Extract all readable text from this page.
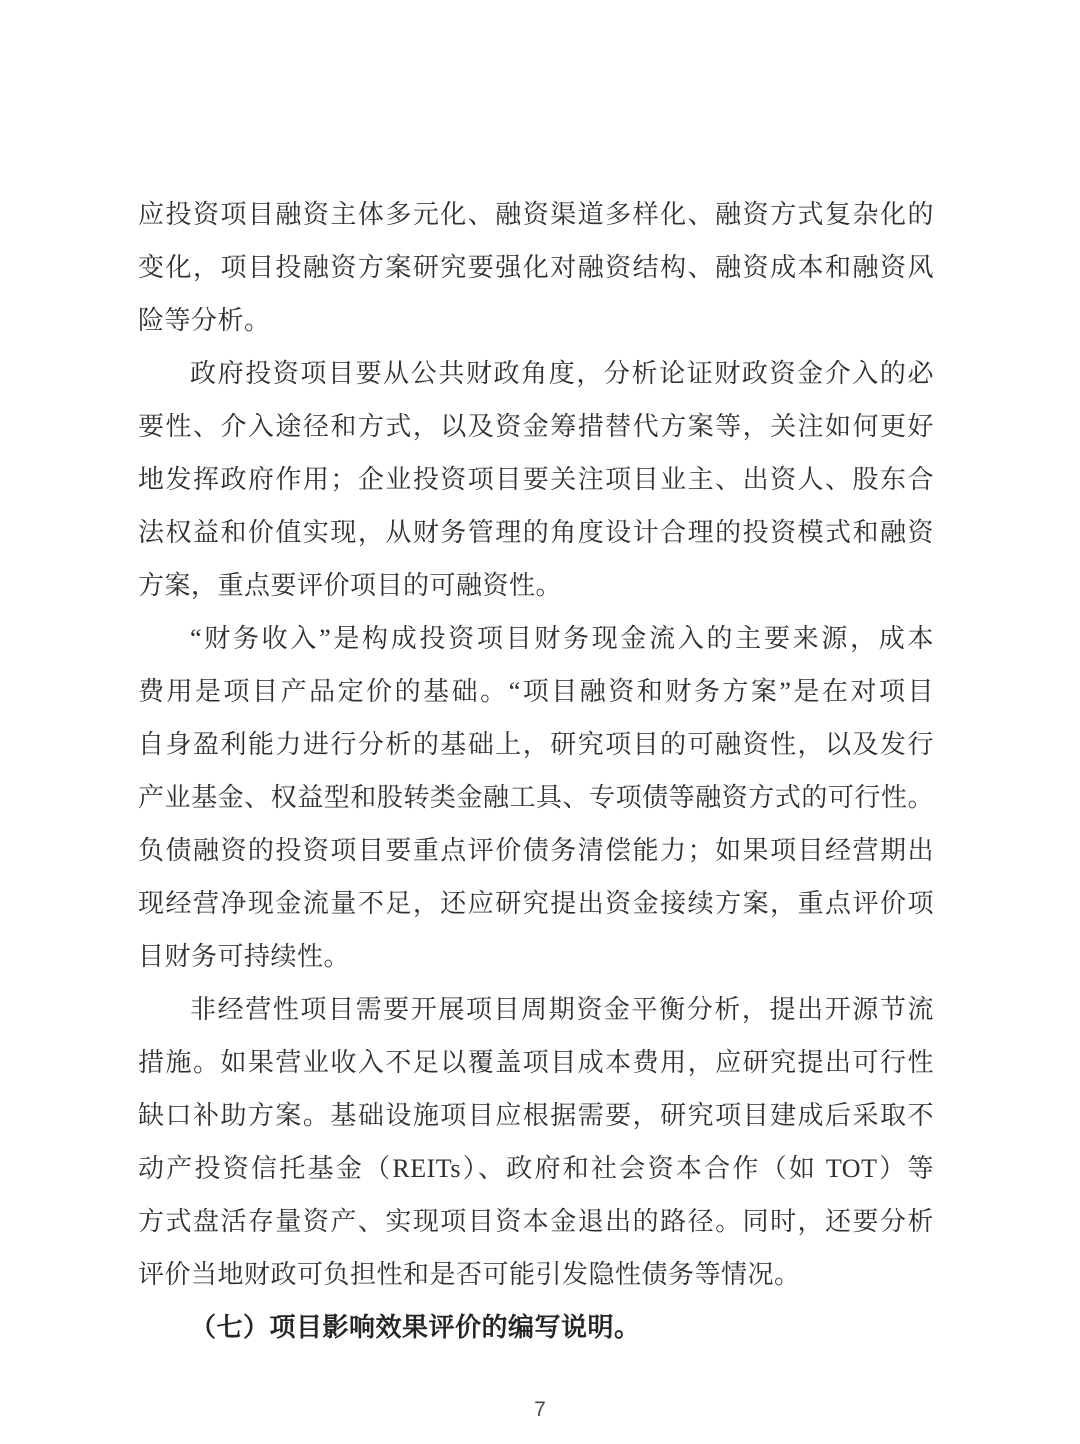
应投资项目融资主体多元化、融资渠道多样化、融资方式复杂化的
变化，项目投融资方案研究要强化对融资结构、融资成本和融资风
险等分析。
政府投资项目要从公共财政角度，分析论证财政资金介入的必
要性、介入途径和方式，以及资金筹措替代方案等，关注如何更好
地发挥政府作用；企业投资项目要关注项目业主、出资人、股东合
法权益和价值实现，从财务管理的角度设计合理的投资模式和融资
方案，重点要评价项目的可融资性。
“财务收入”是构成投资项目财务现金流入的主要来源，成本
费用是项目产品定价的基础。“项目融资和财务方案”是在对项目
自身盈利能力进行分析的基础上，研究项目的可融资性，以及发行
产业基金、权益型和股转类金融工具、专项债等融资方式的可行性。
负债融资的投资项目要重点评价债务清偿能力；如果项目经营期出
现经营净现金流量不足，还应研究提出资金接续方案，重点评价项
目财务可持续性。
非经营性项目需要开展项目周期资金平衡分析，提出开源节流
措施。如果营业收入不足以覆盖项目成本费用，应研究提出可行性
缺口补助方案。基础设施项目应根据需要，研究项目建成后采取不
动产投资信托基金（REITs）、政府和社会资本合作（如 TOT）等
方式盘活存量资产、实现项目资本金退出的路径。同时，还要分析
评价当地财政可负担性和是否可能引发隐性债务等情况。
（七）项目影响效果评价的编写说明。
7
